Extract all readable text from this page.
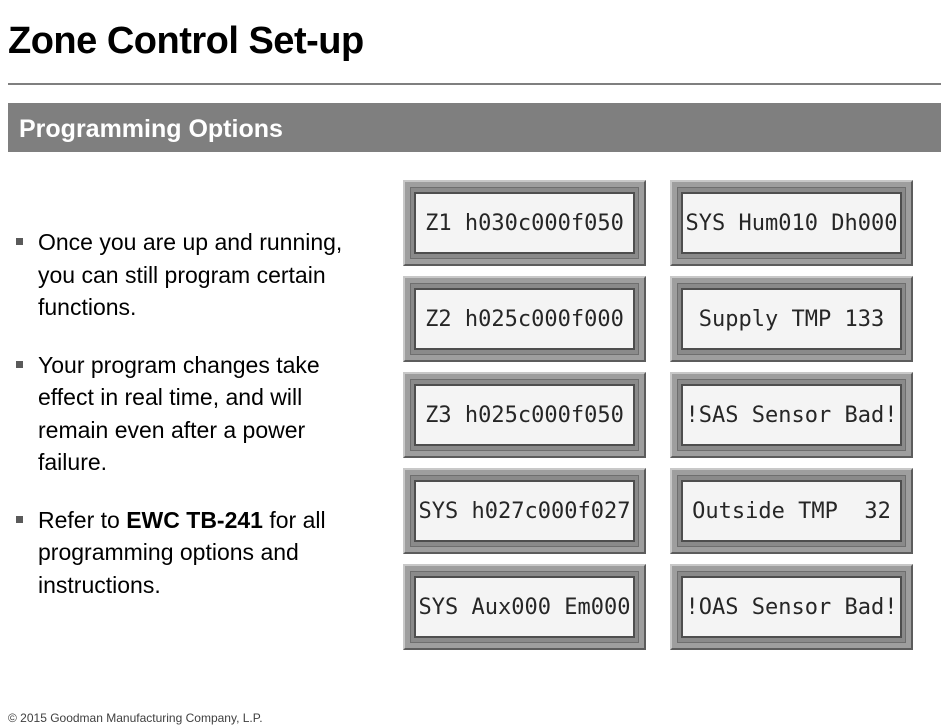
Zone Control Set-up
Programming Options
Once you are up and running, you can still program certain functions.
Your program changes take effect in real time, and will remain even after a power failure.
Refer to EWC TB-241 for all programming options and instructions.
Z1 h030c000f050
Z2 h025c000f000
Z3 h025c000f050
SYS h027c000f027
SYS Aux000 Em000
SYS Hum010 Dh000
Supply TMP 133
!SAS Sensor Bad!
Outside TMP  32
!OAS Sensor Bad!
© 2015 Goodman Manufacturing Company, L.P.
